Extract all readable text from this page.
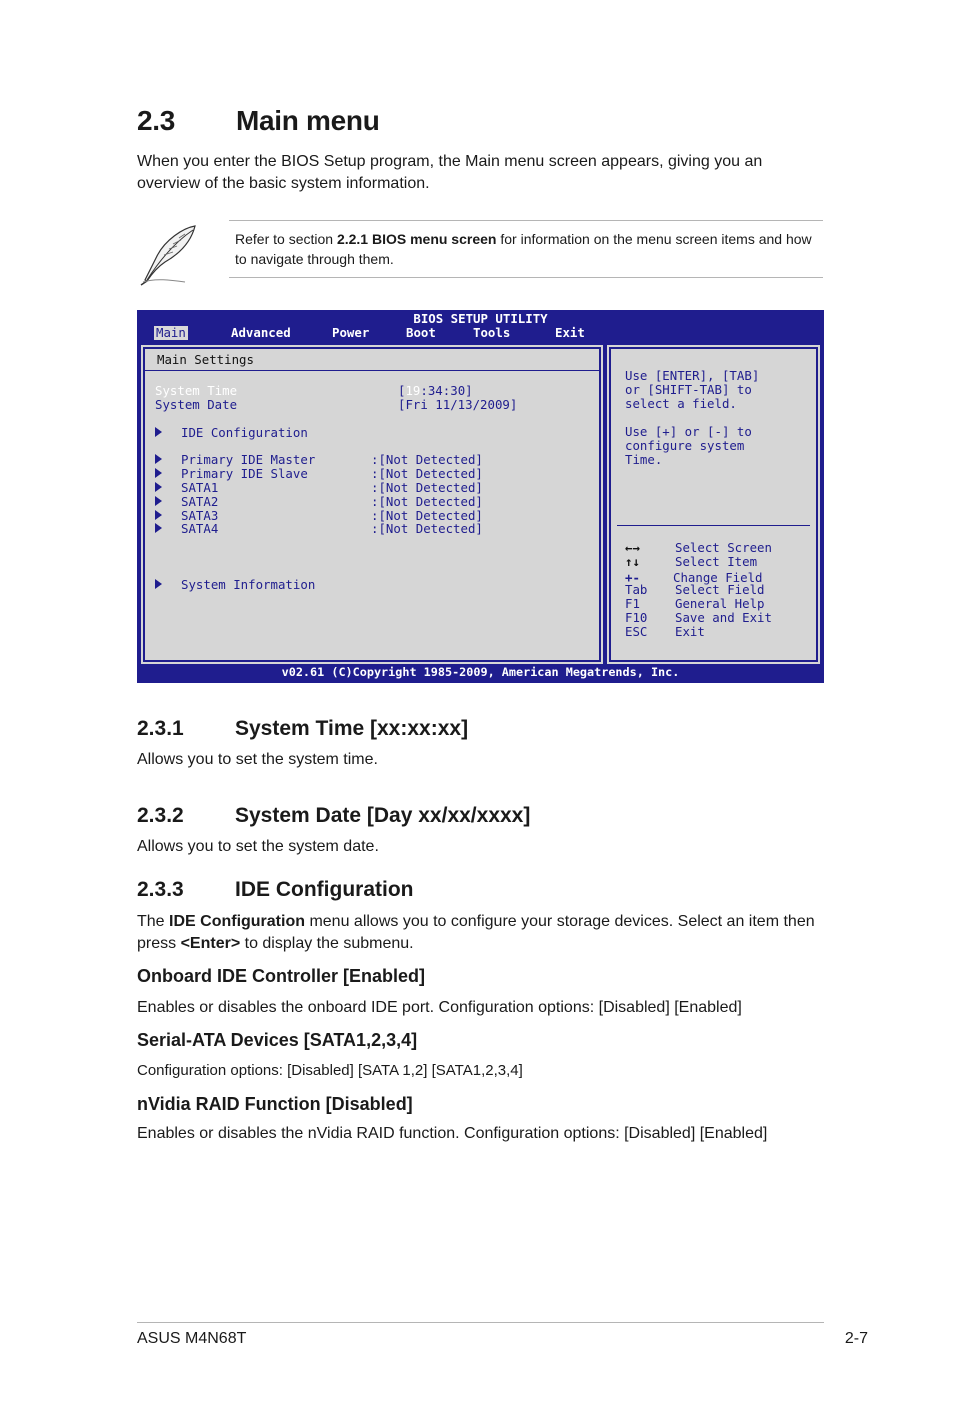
2.3 Main menu
When you enter the BIOS Setup program, the Main menu screen appears, giving you an overview of the basic system information.
Refer to section 2.2.1 BIOS menu screen for information on the menu screen items and how to navigate through them.
BIOS SETUP UTILITY
Main	Advanced	Power	Boot	Tools	Exit
Main Settings
System Time	[19:34:30]
System Date	[Fri 11/13/2009]
IDE Configuration
Primary IDE Master	:[Not Detected]
Primary IDE Slave	:[Not Detected]
SATA1	:[Not Detected]
SATA2	:[Not Detected]
SATA3	:[Not Detected]
SATA4	:[Not Detected]
System Information
Use [ENTER], [TAB]
or [SHIFT-TAB] to
select a field.
Use [+] or [-] to
configure system
Time.
←→	Select Screen
↑↓	Select Item
+-	Change Field
Tab Select Field
F1	General Help
F10 Save and Exit
ESC Exit
v02.61 (C)Copyright 1985-2009, American Megatrends, Inc.
2.3.1 System Time [xx:xx:xx]
Allows you to set the system time.
2.3.2 System Date [Day xx/xx/xxxx]
Allows you to set the system date.
2.3.3 IDE Configuration
The IDE Configuration menu allows you to configure your storage devices. Select an item then press <Enter> to display the submenu.
Onboard IDE Controller [Enabled]
Enables or disables the onboard IDE port. Configuration options: [Disabled] [Enabled]
Serial-ATA Devices [SATA1,2,3,4]
Configuration options: [Disabled] [SATA 1,2] [SATA1,2,3,4]
nVidia RAID Function [Disabled]
Enables or disables the nVidia RAID function. Configuration options: [Disabled] [Enabled]
ASUS M4N68T	2-7
